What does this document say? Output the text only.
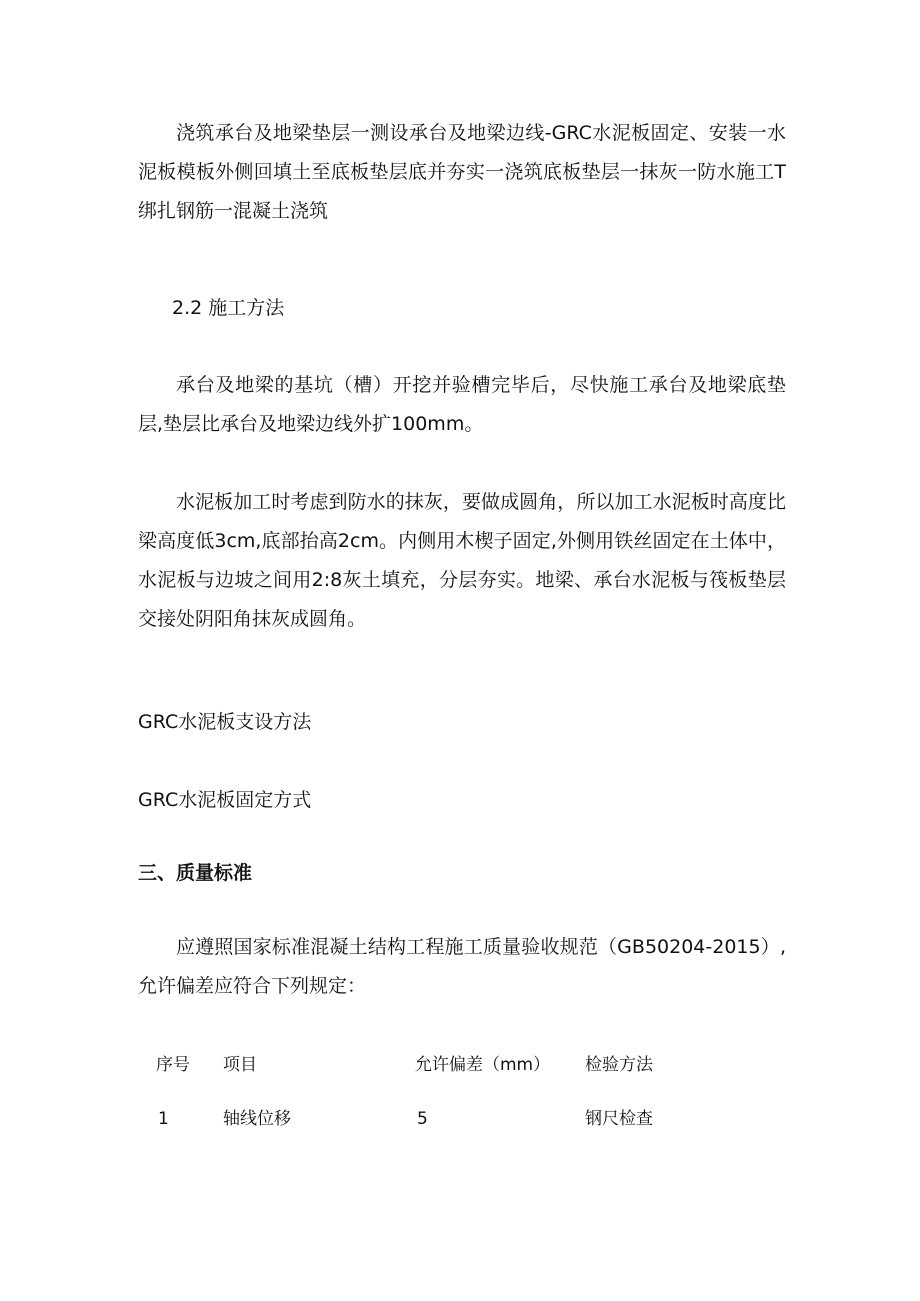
浇筑承台及地梁垫层一测设承台及地梁边线-GRC水泥板固定、安装一水泥板模板外侧回填土至底板垫层底并夯实一浇筑底板垫层一抹灰一防水施工T绑扎钢筋一混凝土浇筑

2.2 施工方法

承台及地梁的基坑（槽）开挖并验槽完毕后，尽快施工承台及地梁底垫层,垫层比承台及地梁边线外扩100mm。

水泥板加工时考虑到防水的抹灰，要做成圆角，所以加工水泥板时高度比梁高度低3cm,底部抬高2cm。内侧用木楔子固定,外侧用铁丝固定在土体中，水泥板与边坡之间用2:8灰土填充，分层夯实。地梁、承台水泥板与筏板垫层交接处阴阳角抹灰成圆角。

GRC水泥板支设方法

GRC水泥板固定方式

三、质量标准

应遵照国家标准混凝土结构工程施工质量验收规范（GB50204-2015）,允许偏差应符合下列规定：

序号 项目	允许偏差（mm） 检验方法
1	轴线位移	5	钢尺检查
